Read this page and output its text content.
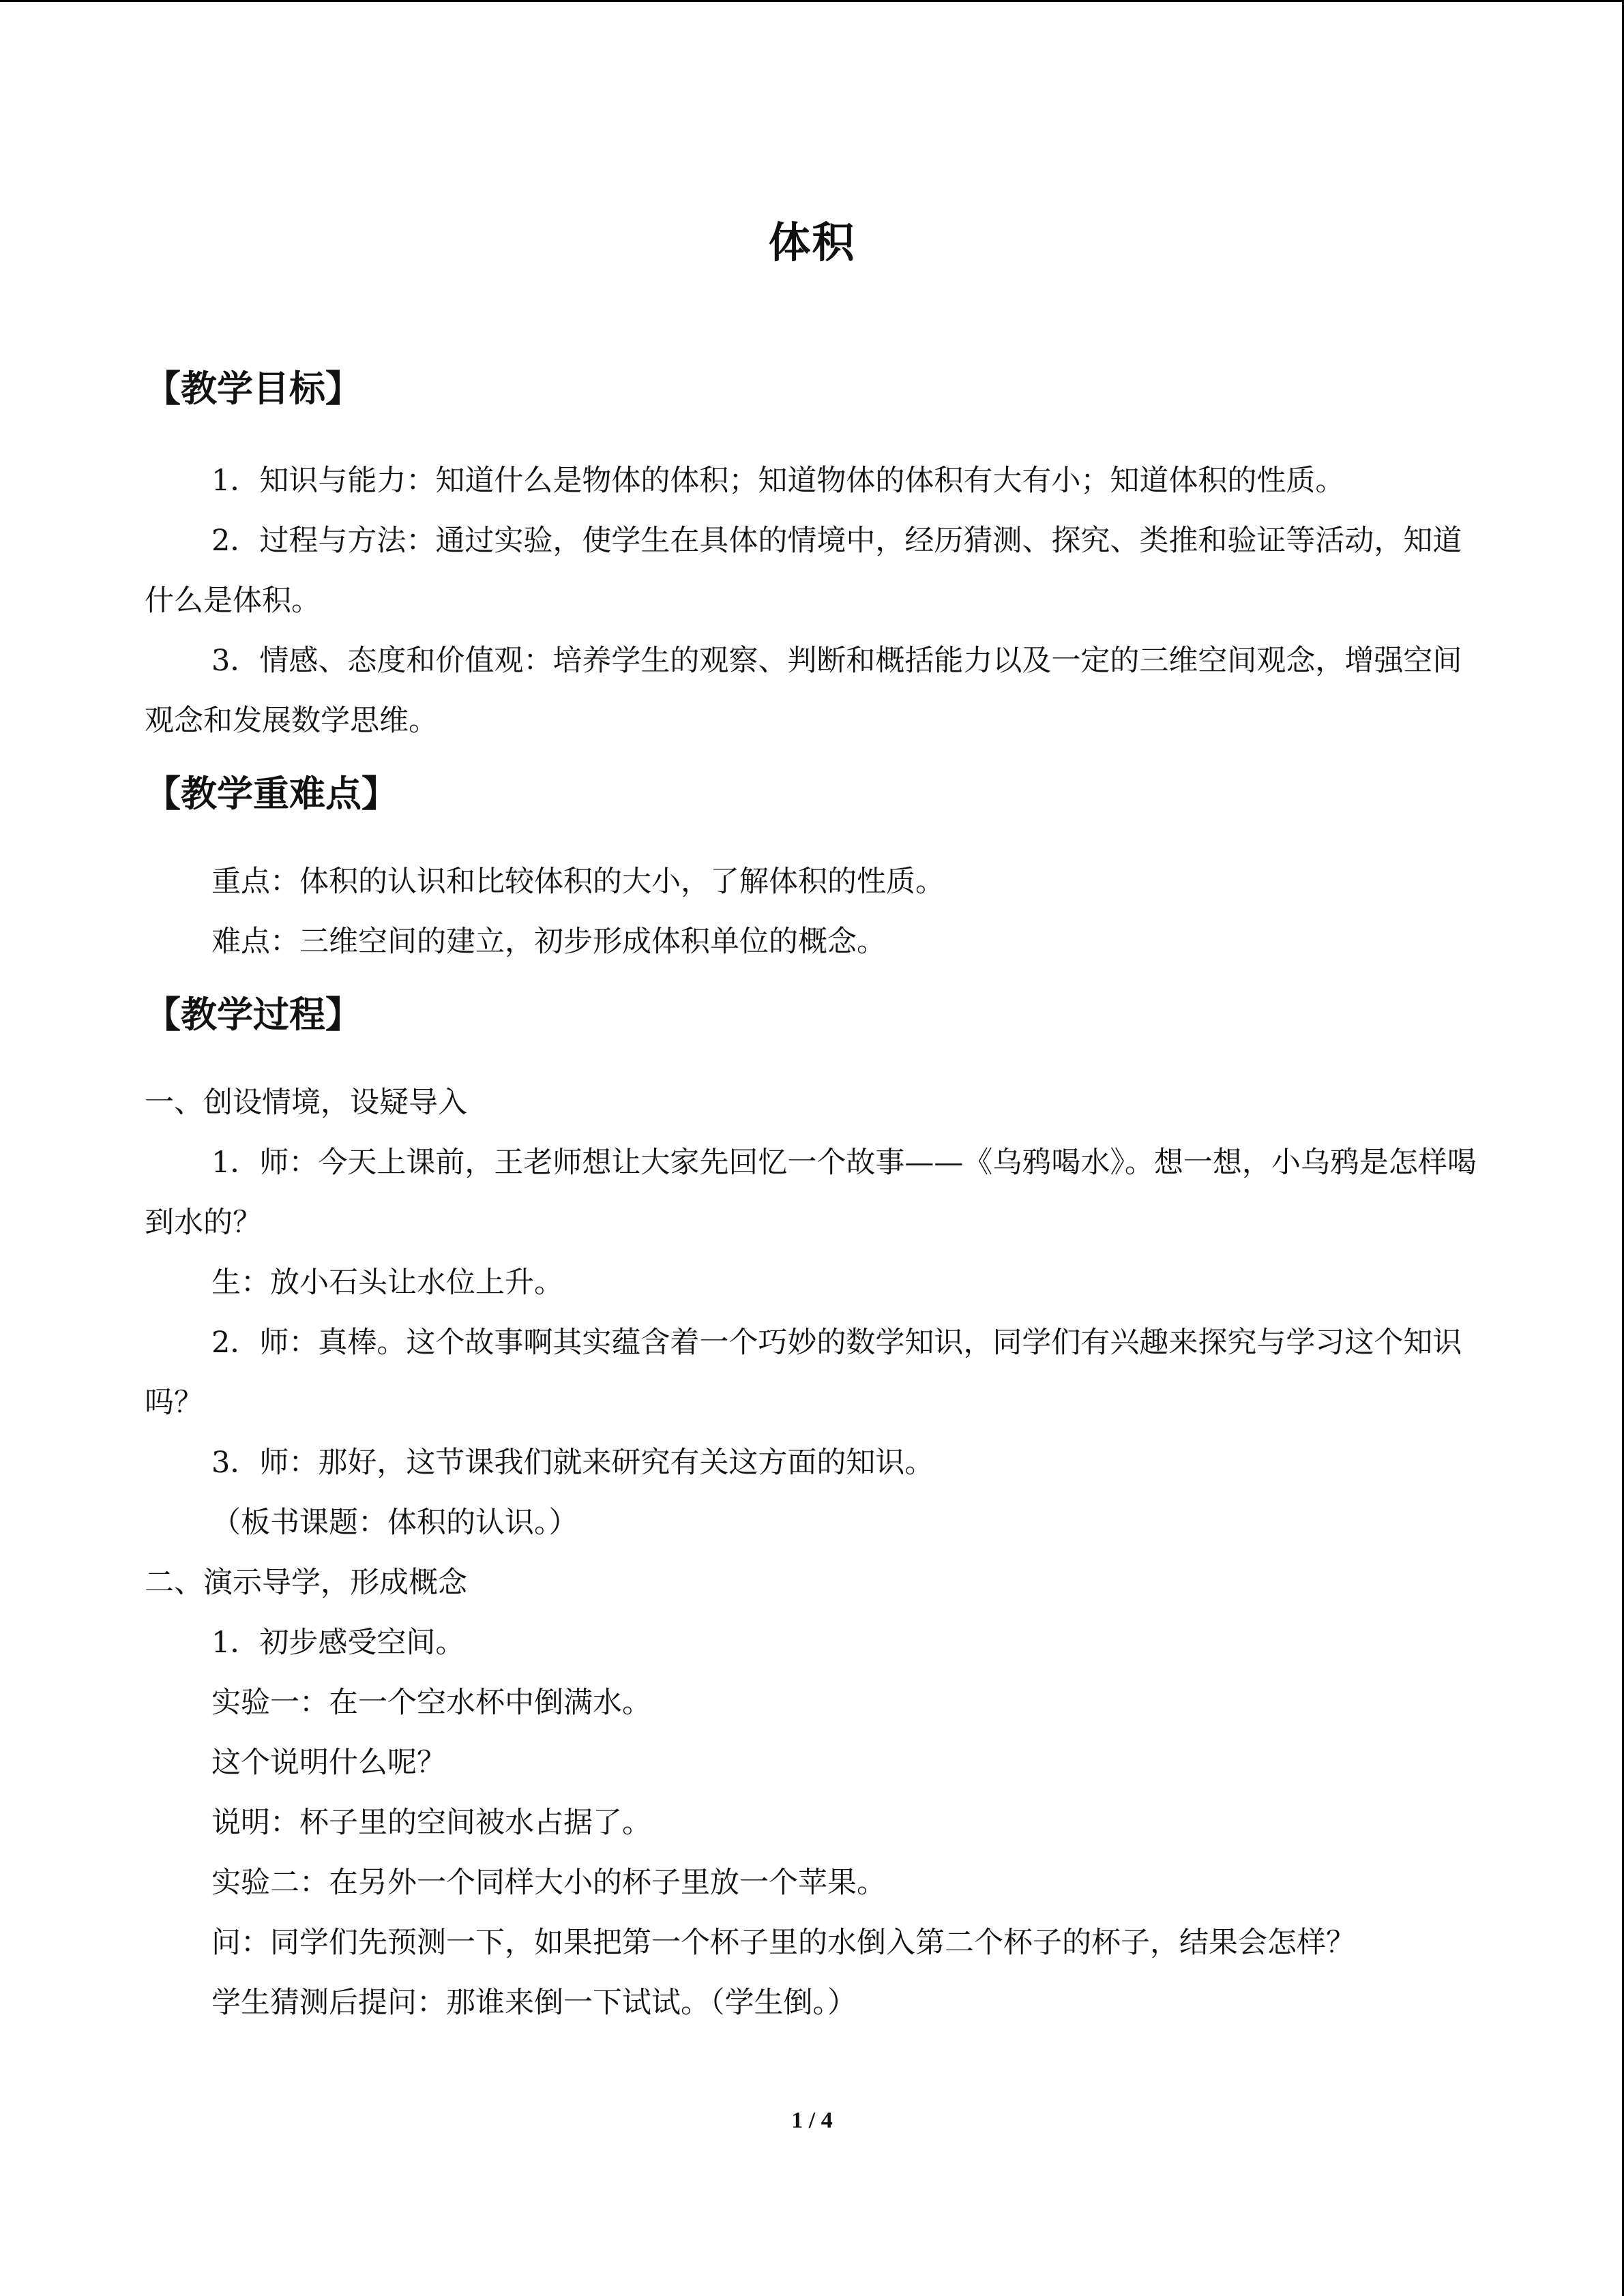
体积

【教学目标】

1．知识与能力：知道什么是物体的体积；知道物体的体积有大有小；知道体积的性质。

2．过程与方法：通过实验，使学生在具体的情境中，经历猜测、探究、类推和验证等活动，知道什么是体积。

3．情感、态度和价值观：培养学生的观察、判断和概括能力以及一定的三维空间观念，增强空间观念和发展数学思维。

【教学重难点】

重点：体积的认识和比较体积的大小，了解体积的性质。

难点：三维空间的建立，初步形成体积单位的概念。

【教学过程】

一、创设情境，设疑导入

1．师：今天上课前，王老师想让大家先回忆一个故事——《乌鸦喝水》。想一想，小乌鸦是怎样喝到水的？

生：放小石头让水位上升。

2．师：真棒。这个故事啊其实蕴含着一个巧妙的数学知识，同学们有兴趣来探究与学习这个知识吗？

3．师：那好，这节课我们就来研究有关这方面的知识。

（板书课题：体积的认识。）

二、演示导学，形成概念

1．初步感受空间。

实验一：在一个空水杯中倒满水。

这个说明什么呢？

说明：杯子里的空间被水占据了。

实验二：在另外一个同样大小的杯子里放一个苹果。

问：同学们先预测一下，如果把第一个杯子里的水倒入第二个杯子的杯子，结果会怎样？

学生猜测后提问：那谁来倒一下试试。（学生倒。）

1 / 4
